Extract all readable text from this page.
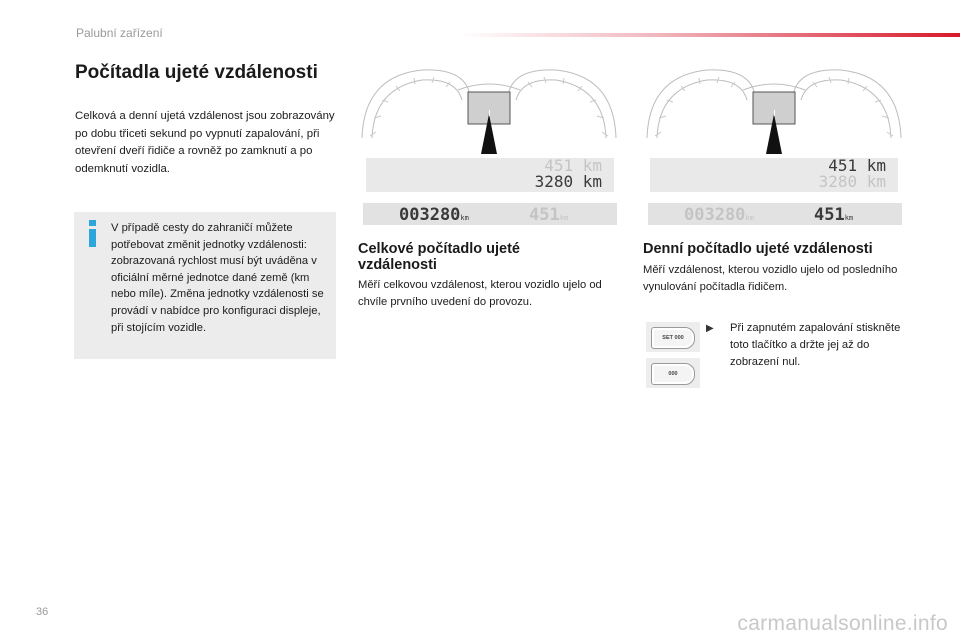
Palubní zařízení
Počítadla ujeté vzdálenosti
Celková a denní ujetá vzdálenost jsou zobrazovány po dobu třiceti sekund po vypnutí zapalování, při otevření dveří řidiče a rovněž po zamknutí a po odemknutí vozidla.
V případě cesty do zahraničí můžete potřebovat změnit jednotky vzdálenosti: zobrazovaná rychlost musí být uváděna v oficiální měrné jednotce dané země (km nebo míle). Změna jednotky vzdálenosti se provádí v nabídce pro konfiguraci displeje, při stojícím vozidle.
451 km
3280 km
003280km	451km
Celkové počítadlo ujeté vzdálenosti
Měří celkovou vzdálenost, kterou vozidlo ujelo od chvíle prvního uvedení do provozu.
451 km
3280 km
003280km	451km
Denní počítadlo ujeté vzdálenosti
Měří vzdálenost, kterou vozidlo ujelo od posledního vynulování počítadla řidičem.
SET 000
000
▶ Při zapnutém zapalování stiskněte toto tlačítko a držte jej až do zobrazení nul.
36	carmanualsonline.info
